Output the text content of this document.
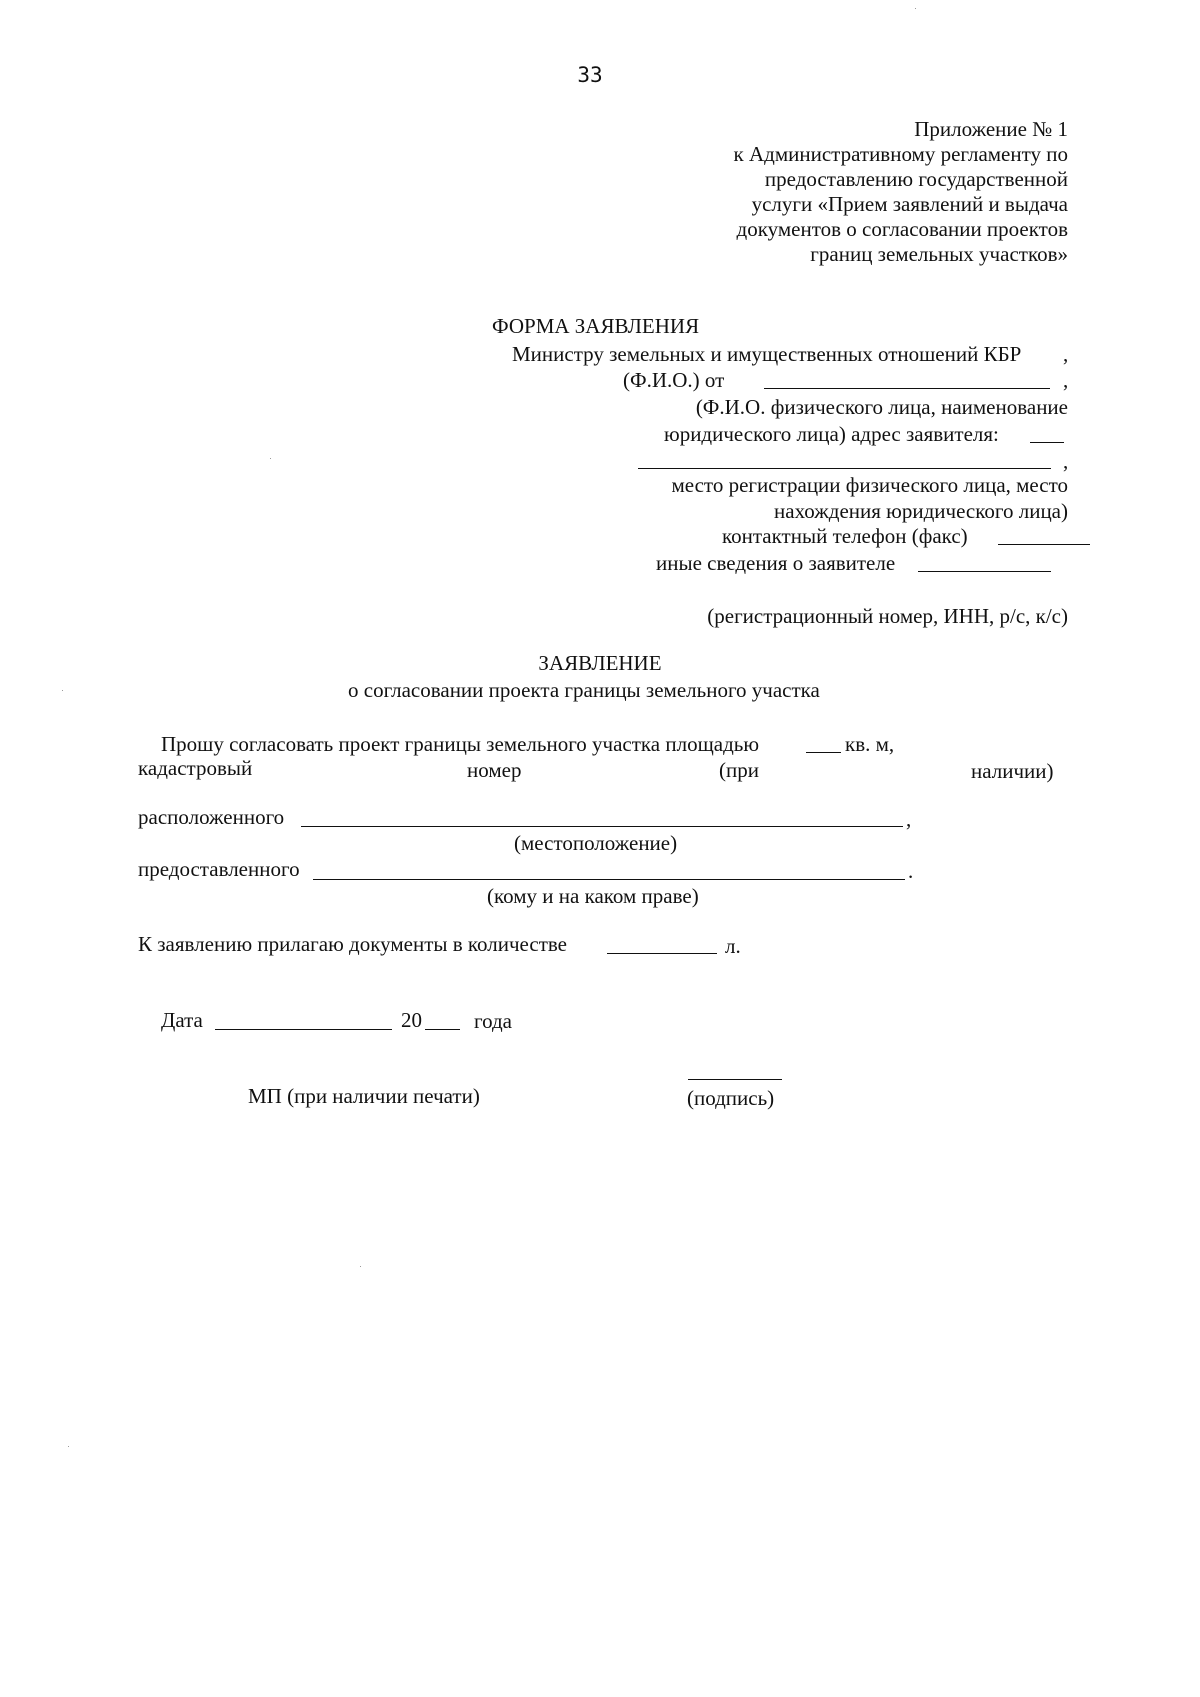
33
Приложение № 1
к Административному регламенту по
предоставлению государственной
услуги «Прием заявлений и выдача
документов о согласовании проектов
границ земельных участков»
ФОРМА ЗАЯВЛЕНИЯ
Министру земельных и имущественных отношений КБР ,
(Ф.И.О.) от	,
(Ф.И.О. физического лица, наименование
юридического лица) адрес заявителя:
,
место регистрации физического лица, место
нахождения юридического лица)
контактный телефон (факс)
иные сведения о заявителе
(регистрационный номер, ИНН, р/с, к/с)
ЗАЯВЛЕНИЕ
о согласовании проекта границы земельного участка
Прошу согласовать проект границы земельного участка площадью	кв. м,
кадастровый	номер	(при	наличии)
расположенного	,
(местоположение)
предоставленного	.
(кому и на каком праве)
К заявлению прилагаю документы в количестве	л.
Дата	20 года
МП (при наличии печати)	(подпись)
